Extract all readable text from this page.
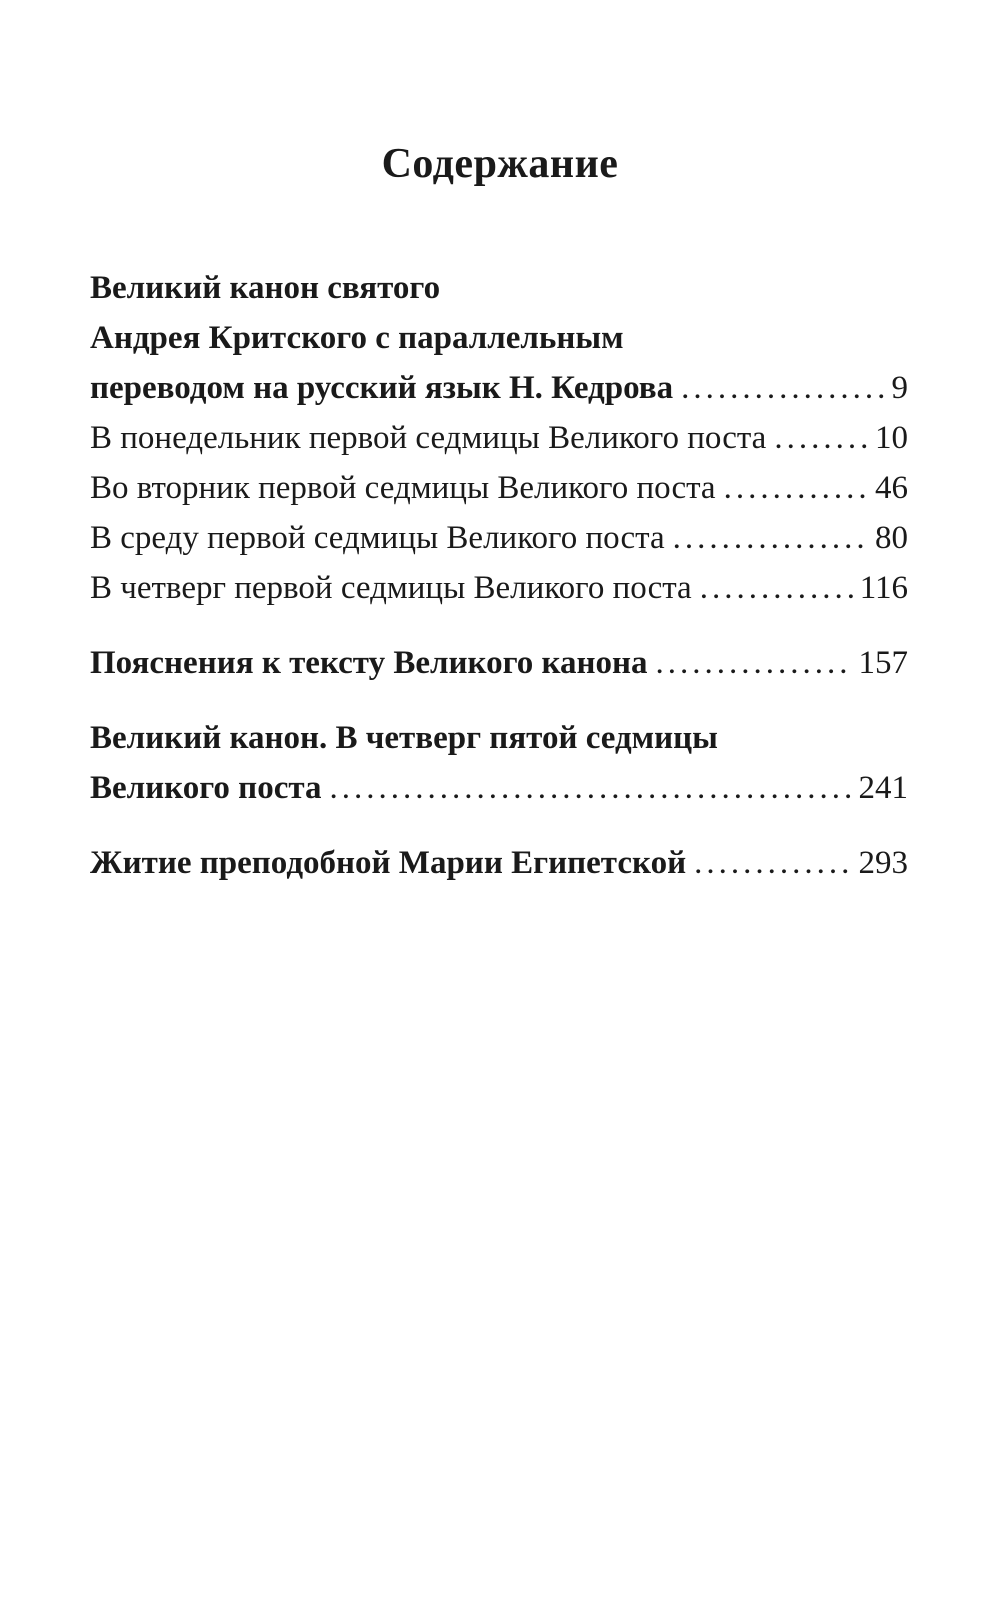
Содержание
Великий канон святого
Андрея Критского с параллельным
переводом на русский язык Н. Кедрова .....	9
В понедельник первой седмицы Великого поста .....	10
Во вторник первой седмицы Великого поста .....	46
В среду первой седмицы Великого поста .....	80
В четверг первой седмицы Великого поста .....	116
Пояснения к тексту Великого канона .....	157
Великий канон. В четверг пятой седмицы
Великого поста .....	241
Житие преподобной Марии Египетской .....	293
